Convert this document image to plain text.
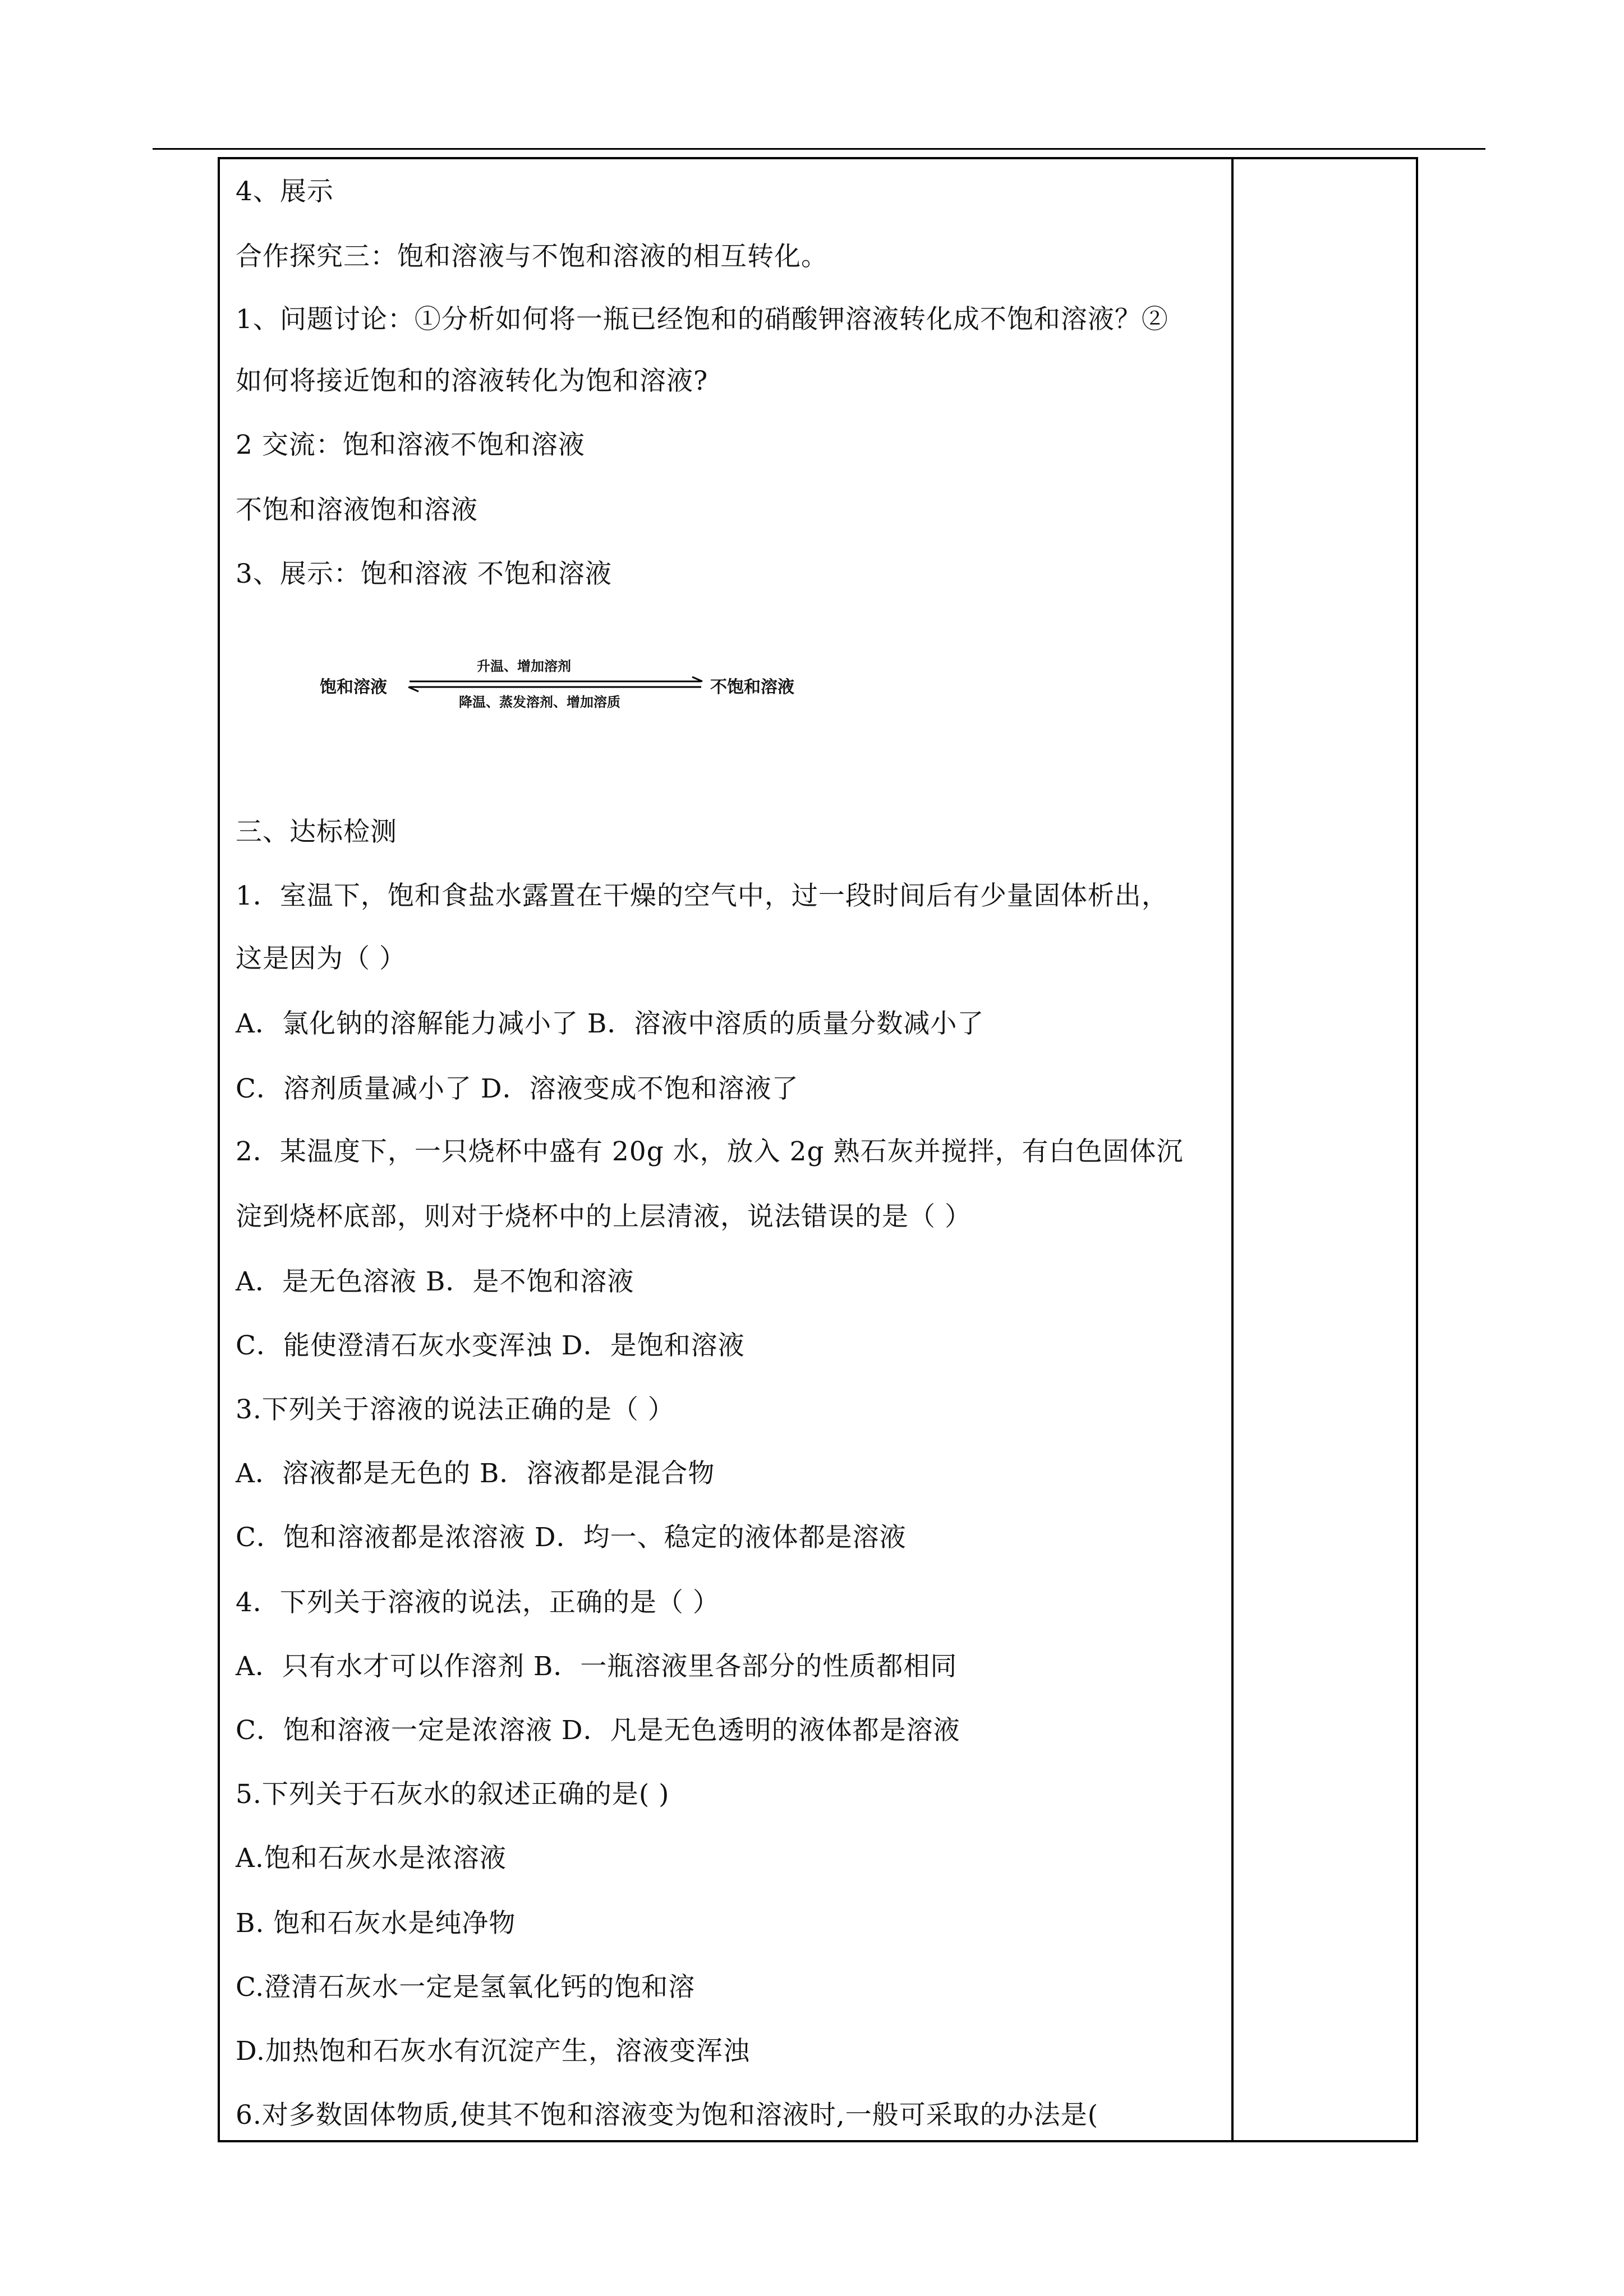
4、展示
合作探究三：饱和溶液与不饱和溶液的相互转化。
1、问题讨论：①分析如何将一瓶已经饱和的硝酸钾溶液转化成不饱和溶液？②
如何将接近饱和的溶液转化为饱和溶液?
2 交流：饱和溶液不饱和溶液
不饱和溶液饱和溶液
3、展示：饱和溶液 不饱和溶液
升温、增加溶剂
饱和溶液	不饱和溶液
降温、蒸发溶剂、增加溶质
三、达标检测
1．室温下，饱和食盐水露置在干燥的空气中，过一段时间后有少量固体析出，
这是因为（ ）
A．氯化钠的溶解能力减小了 B．溶液中溶质的质量分数减小了
C．溶剂质量减小了 D．溶液变成不饱和溶液了
2．某温度下，一只烧杯中盛有 20g 水，放入 2g 熟石灰并搅拌，有白色固体沉
淀到烧杯底部，则对于烧杯中的上层清液，说法错误的是（ ）
A．是无色溶液 B．是不饱和溶液
C．能使澄清石灰水变浑浊 D．是饱和溶液
3.下列关于溶液的说法正确的是（ ）
A．溶液都是无色的 B．溶液都是混合物
C．饱和溶液都是浓溶液 D．均一、稳定的液体都是溶液
4．下列关于溶液的说法，正确的是（ ）
A．只有水才可以作溶剂 B．一瓶溶液里各部分的性质都相同
C．饱和溶液一定是浓溶液 D．凡是无色透明的液体都是溶液
5.下列关于石灰水的叙述正确的是( )
A.饱和石灰水是浓溶液
B. 饱和石灰水是纯净物
C.澄清石灰水一定是氢氧化钙的饱和溶
D.加热饱和石灰水有沉淀产生，溶液变浑浊
6.对多数固体物质,使其不饱和溶液变为饱和溶液时,一般可采取的办法是(
